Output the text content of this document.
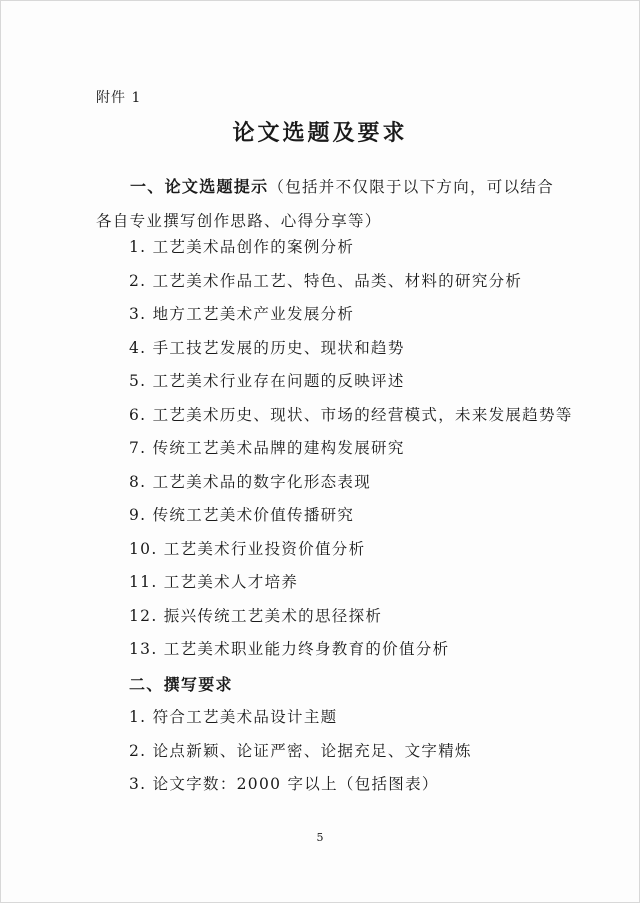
附件 1
论文选题及要求
一、论文选题提示（包括并不仅限于以下方向，可以结合各自专业撰写创作思路、心得分享等）
1. 工艺美术品创作的案例分析
2. 工艺美术作品工艺、特色、品类、材料的研究分析
3. 地方工艺美术产业发展分析
4. 手工技艺发展的历史、现状和趋势
5. 工艺美术行业存在问题的反映评述
6. 工艺美术历史、现状、市场的经营模式，未来发展趋势等
7. 传统工艺美术品牌的建构发展研究
8. 工艺美术品的数字化形态表现
9. 传统工艺美术价值传播研究
10. 工艺美术行业投资价值分析
11. 工艺美术人才培养
12. 振兴传统工艺美术的思径探析
13. 工艺美术职业能力终身教育的价值分析
二、撰写要求
1. 符合工艺美术品设计主题
2. 论点新颖、论证严密、论据充足、文字精炼
3. 论文字数：2000 字以上（包括图表）
5
